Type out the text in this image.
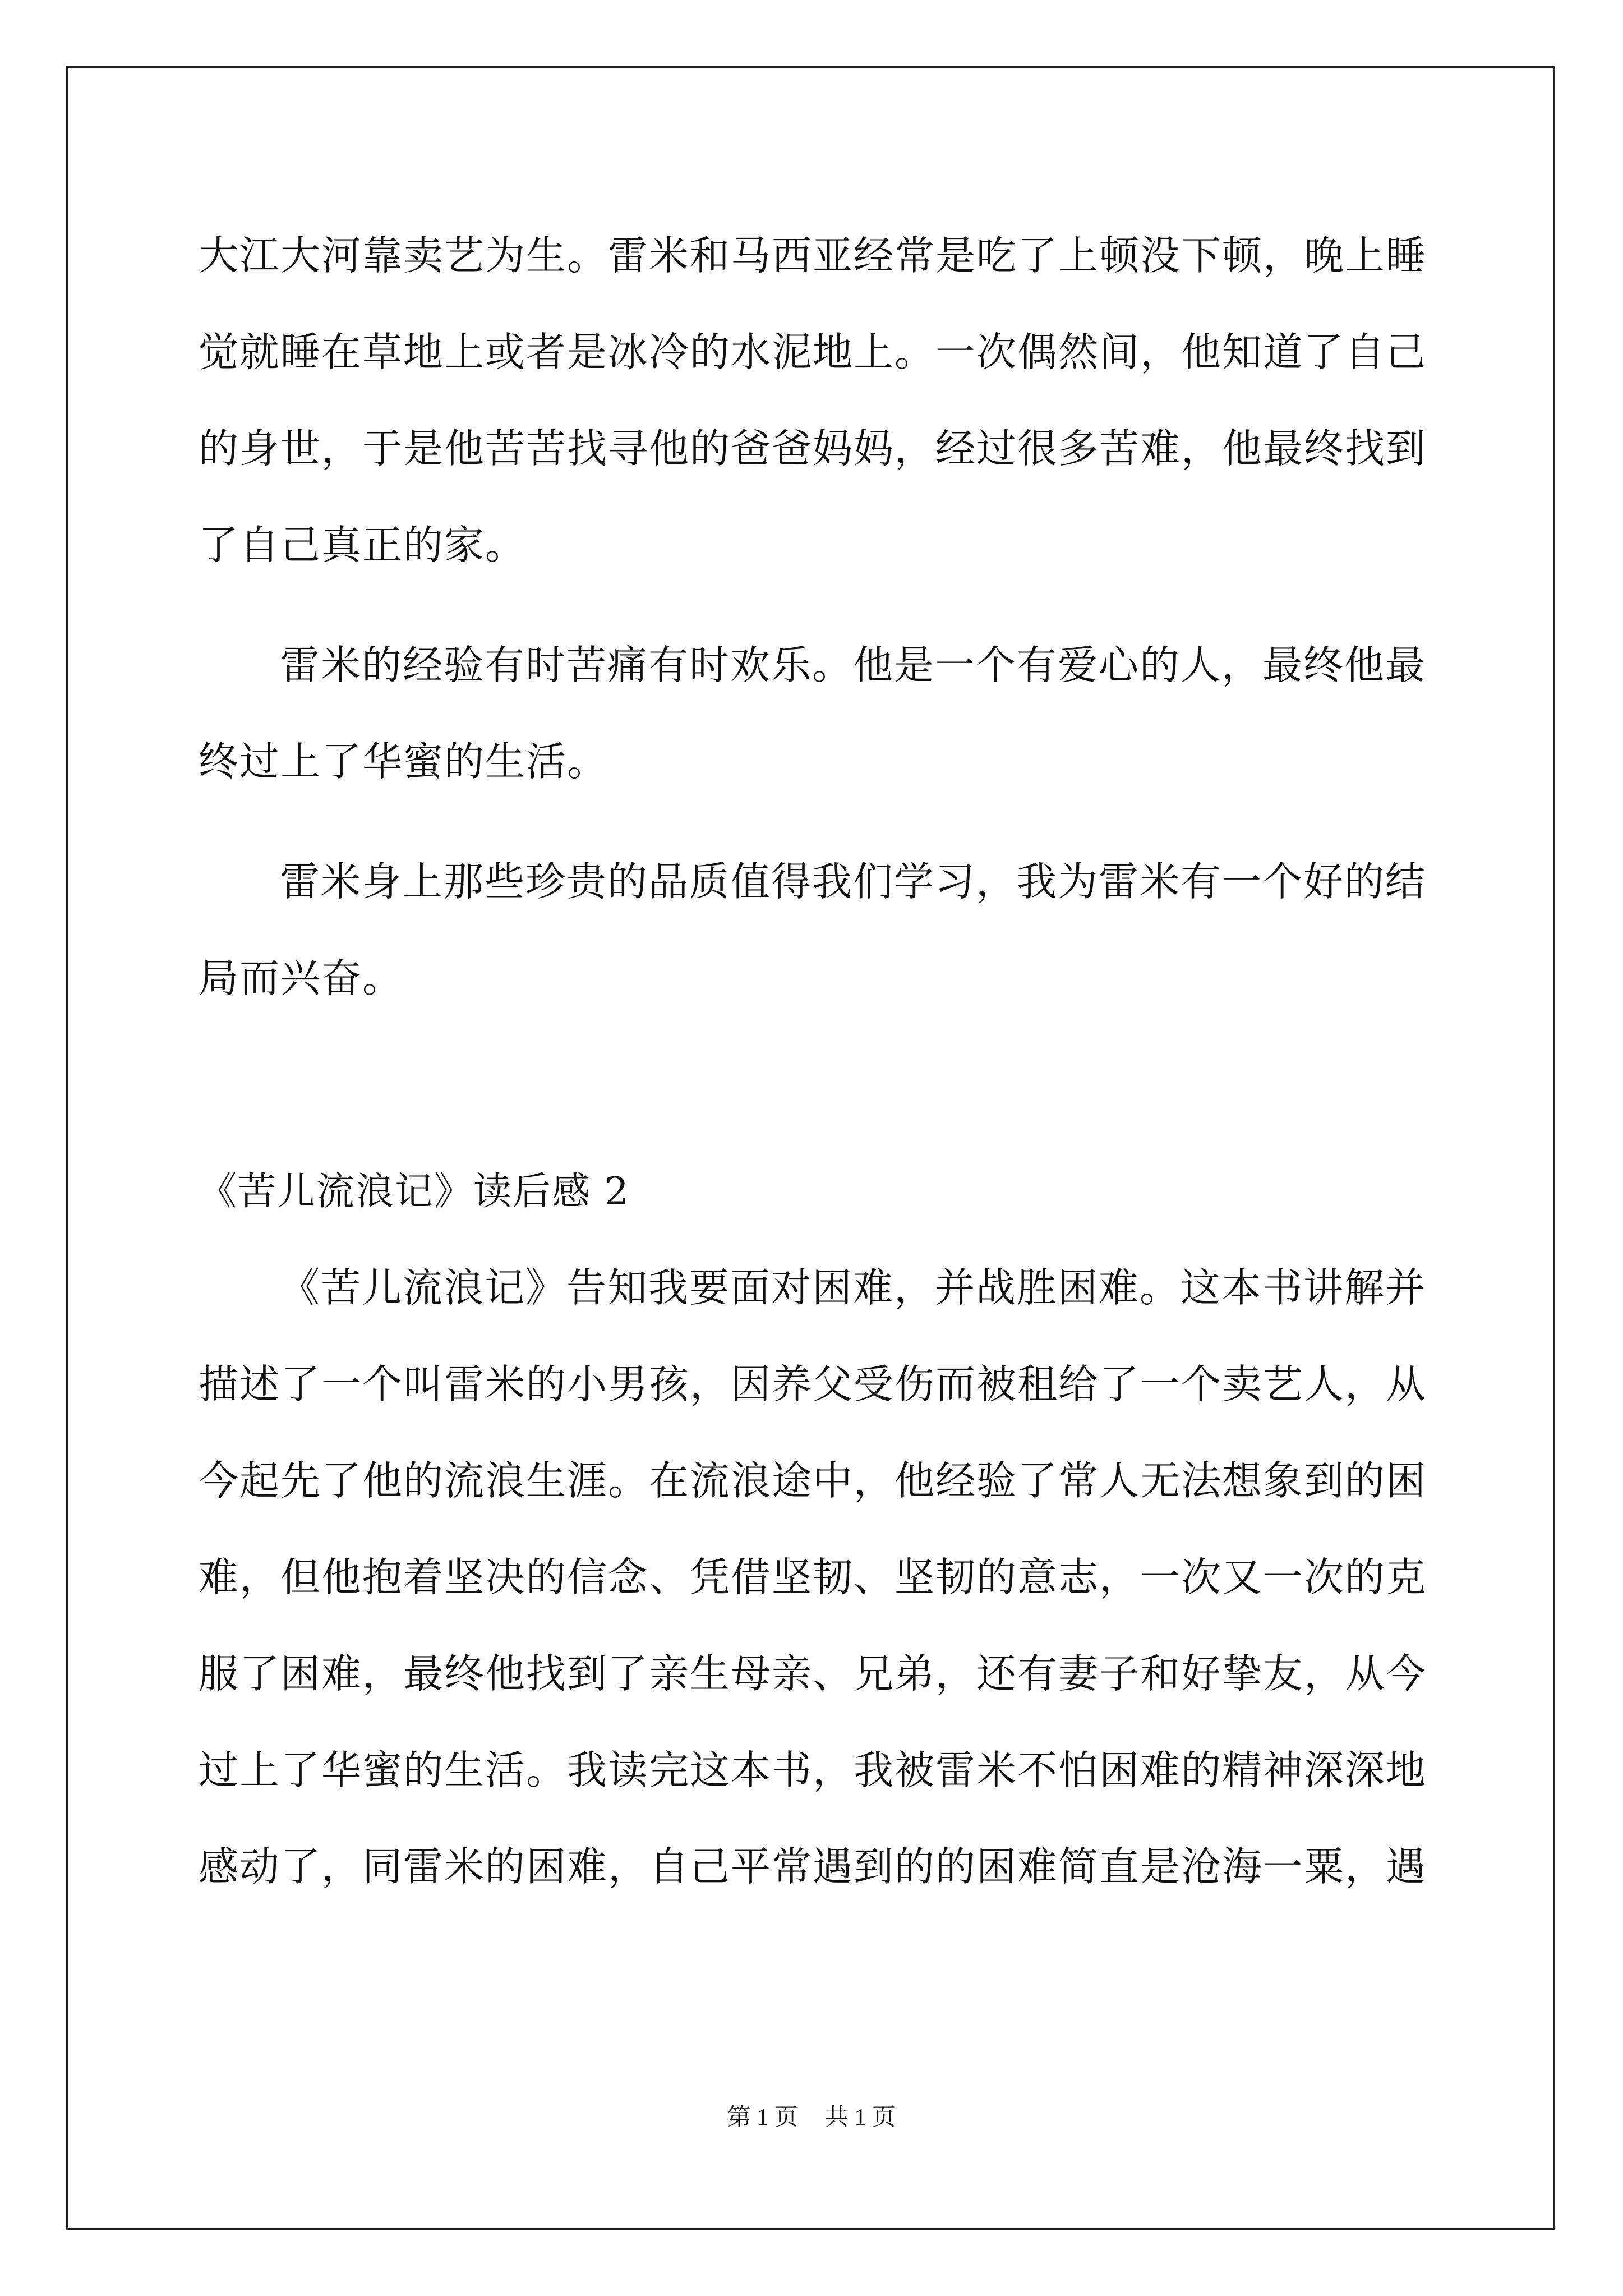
大江大河靠卖艺为生。雷米和马西亚经常是吃了上顿没下顿，晚上睡
觉就睡在草地上或者是冰冷的水泥地上。一次偶然间，他知道了自己
的身世，于是他苦苦找寻他的爸爸妈妈，经过很多苦难，他最终找到
了自己真正的家。
雷米的经验有时苦痛有时欢乐。他是一个有爱心的人，最终他最
终过上了华蜜的生活。
雷米身上那些珍贵的品质值得我们学习，我为雷米有一个好的结
局而兴奋。
《苦儿流浪记》读后感 2
《苦儿流浪记》告知我要面对困难，并战胜困难。这本书讲解并
描述了一个叫雷米的小男孩，因养父受伤而被租给了一个卖艺人，从
今起先了他的流浪生涯。在流浪途中，他经验了常人无法想象到的困
难，但他抱着坚决的信念、凭借坚韧、坚韧的意志，一次又一次的克
服了困难，最终他找到了亲生母亲、兄弟，还有妻子和好挚友，从今
过上了华蜜的生活。我读完这本书，我被雷米不怕困难的精神深深地
感动了，同雷米的困难，自己平常遇到的的困难简直是沧海一粟，遇
第 1 页 共 1 页
